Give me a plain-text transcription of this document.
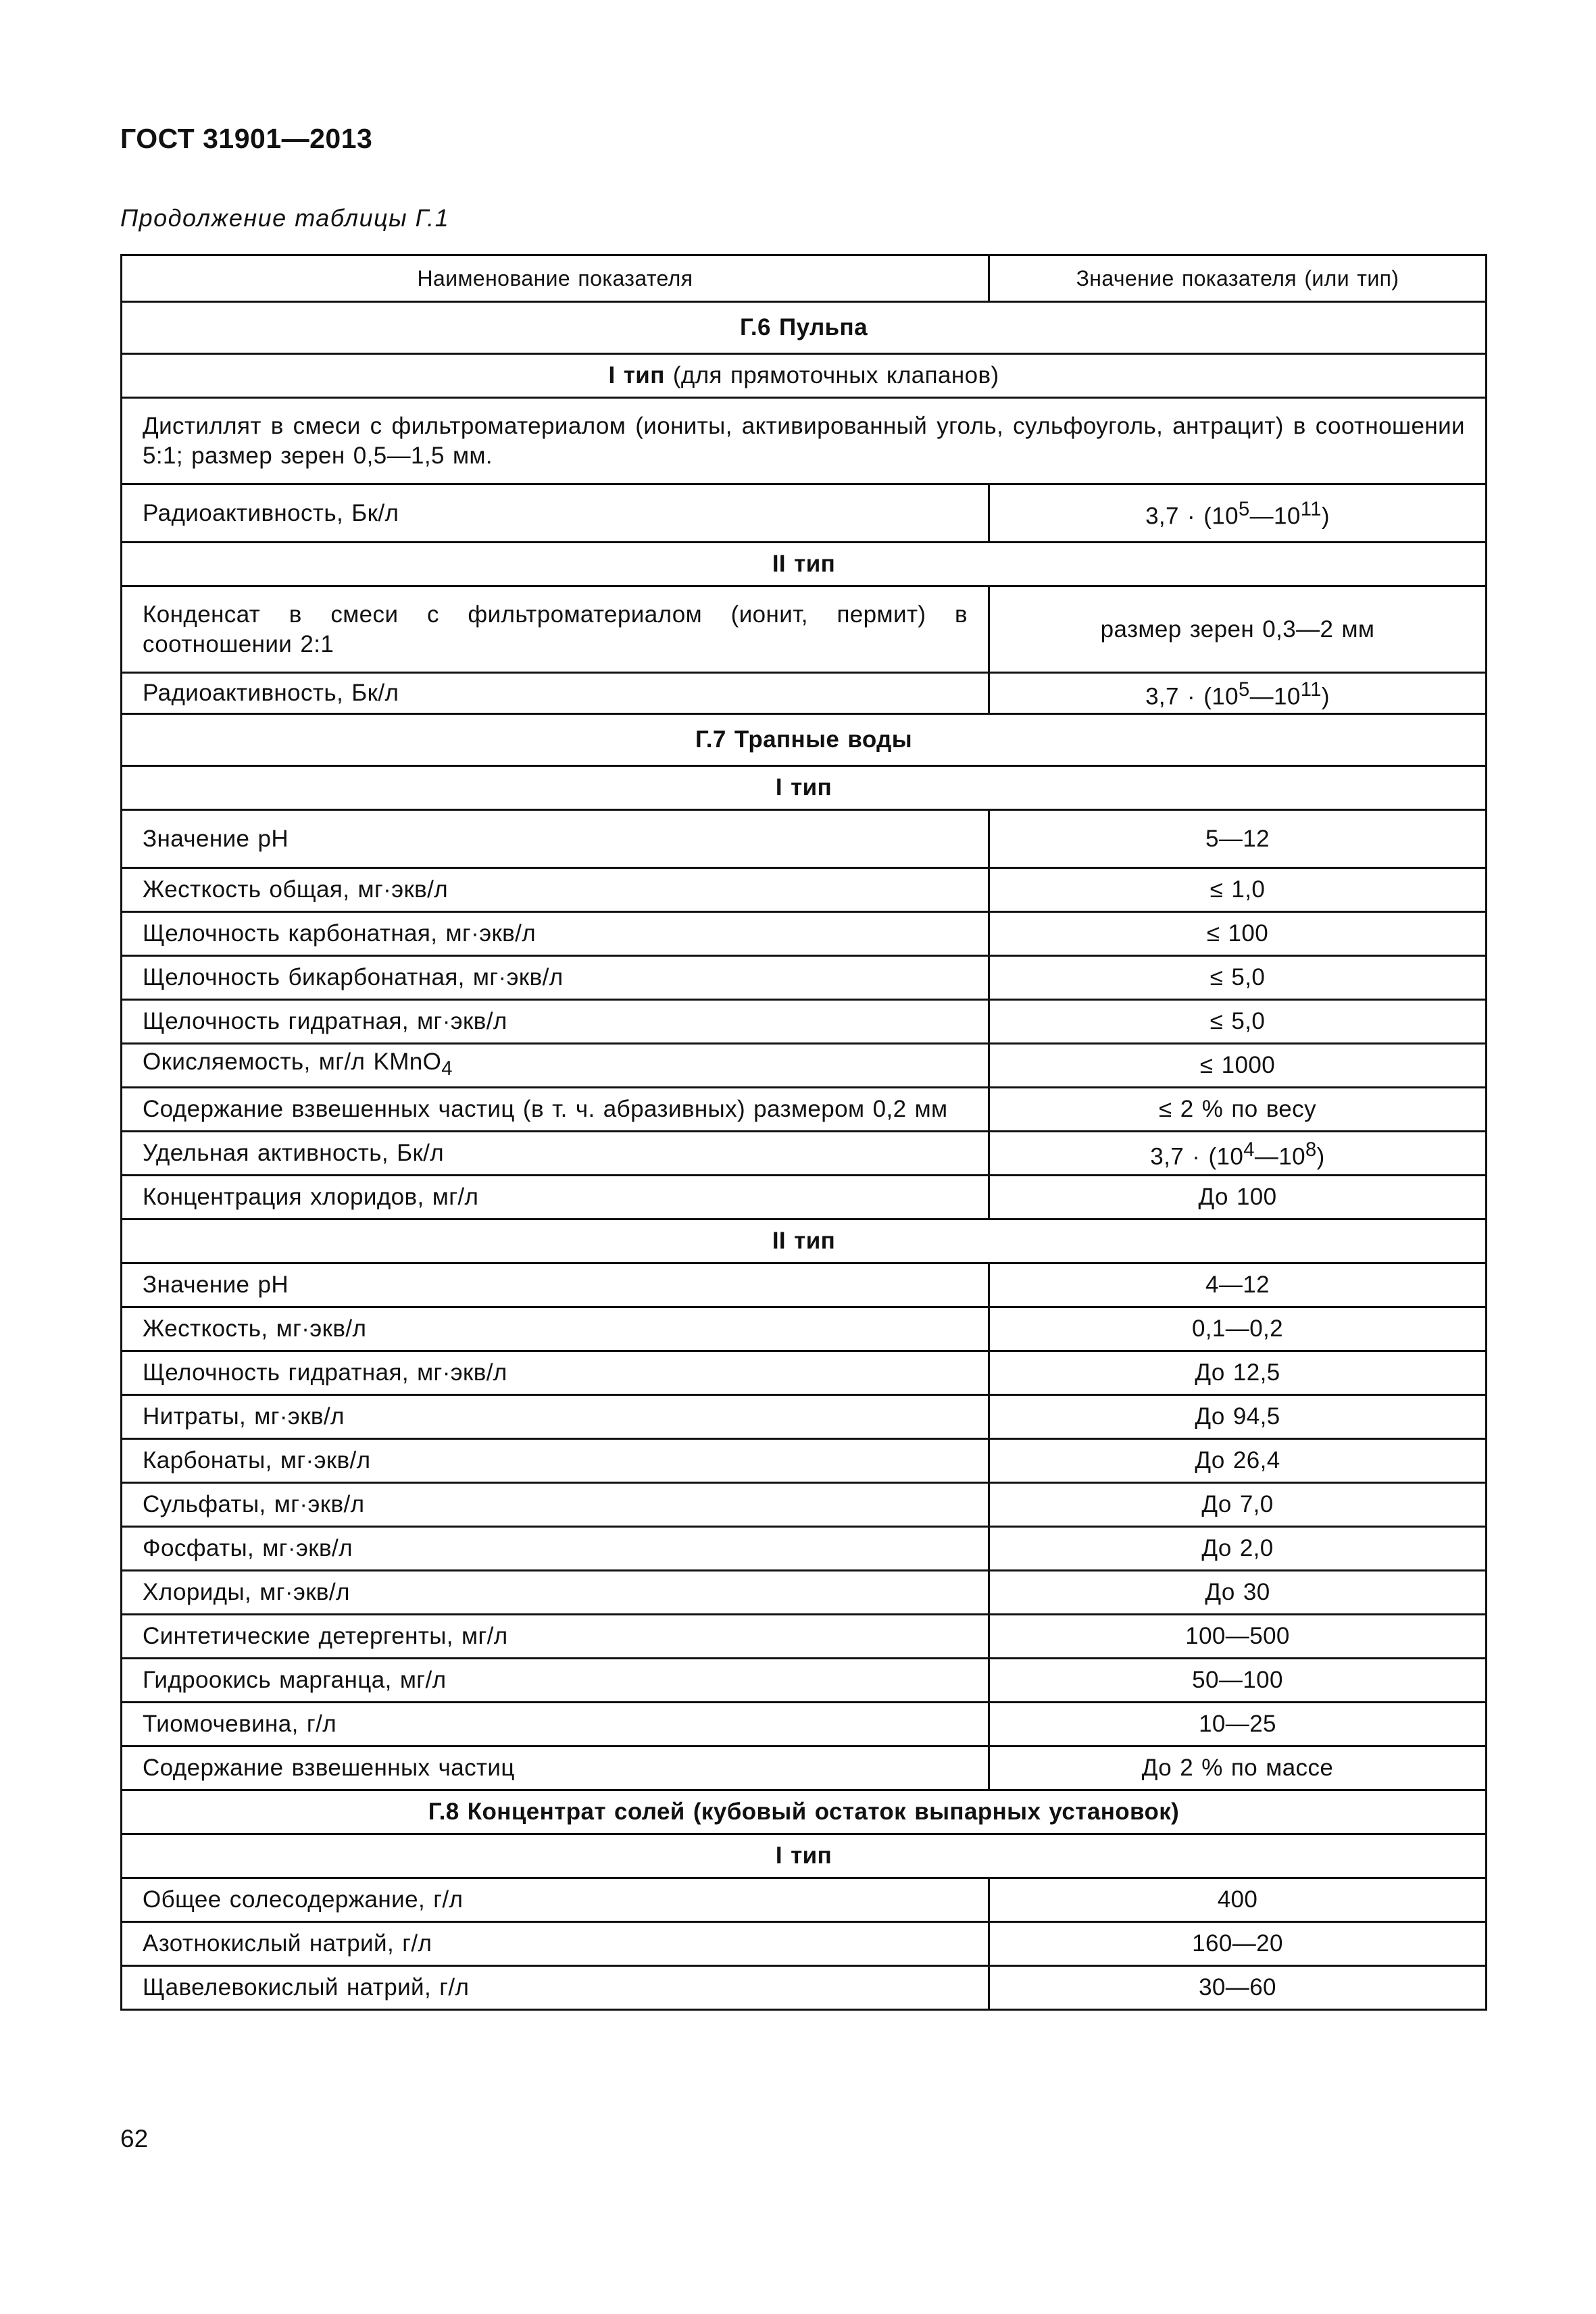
ГОСТ 31901—2013
Продолжение таблицы Г.1
Наименование показателя	Значение показателя (или тип)
Г.6 Пульпа	
I тип (для прямоточных клапанов)	
Дистиллят в смеси с фильтроматериалом (иониты, активированный уголь, сульфоуголь, антрацит) в соотношении 5:1; размер зерен 0,5—1,5 мм.	
Радиоактивность, Бк/л	$3,7 \cdot (10^5—10^{11})$
II тип	
Конденсат в смеси с фильтроматериалом (ионит, пермит) в соотношении 2:1	размер зерен 0,3—2 мм
Радиоактивность, Бк/л	$3,7 \cdot (10^5—10^{11})$
Г.7 Трапные воды	
I тип	
Значение pH	5—12
Жесткость общая, мг·экв/л	≤ 1,0
Щелочность карбонатная, мг·экв/л	≤ 100
Щелочность бикарбонатная, мг·экв/л	≤ 5,0
Щелочность гидратная, мг·экв/л	≤ 5,0
Окисляемость, мг/л KMnO$_4$	≤ 1000
Содержание взвешенных частиц (в т. ч. абразивных) размером 0,2 мм	≤ 2 % по весу
Удельная активность, Бк/л	$3,7 \cdot (10^4—10^8)$
Концентрация хлоридов, мг/л	До 100
II тип	
Значение pH	4—12
Жесткость, мг·экв/л	0,1—0,2
Щелочность гидратная, мг·экв/л	До 12,5
Нитраты, мг·экв/л	До 94,5
Карбонаты, мг·экв/л	До 26,4
Сульфаты, мг·экв/л	До 7,0
Фосфаты, мг·экв/л	До 2,0
Хлориды, мг·экв/л	До 30
Синтетические детергенты, мг/л	100—500
Гидроокись марганца, мг/л	50—100
Тиомочевина, г/л	10—25
Содержание взвешенных частиц	До 2 % по массе
Г.8 Концентрат солей (кубовый остаток выпарных установок)	
I тип	
Общее солесодержание, г/л	400
Азотнокислый натрий, г/л	160—20
Щавелевокислый натрий, г/л	30—60
62
